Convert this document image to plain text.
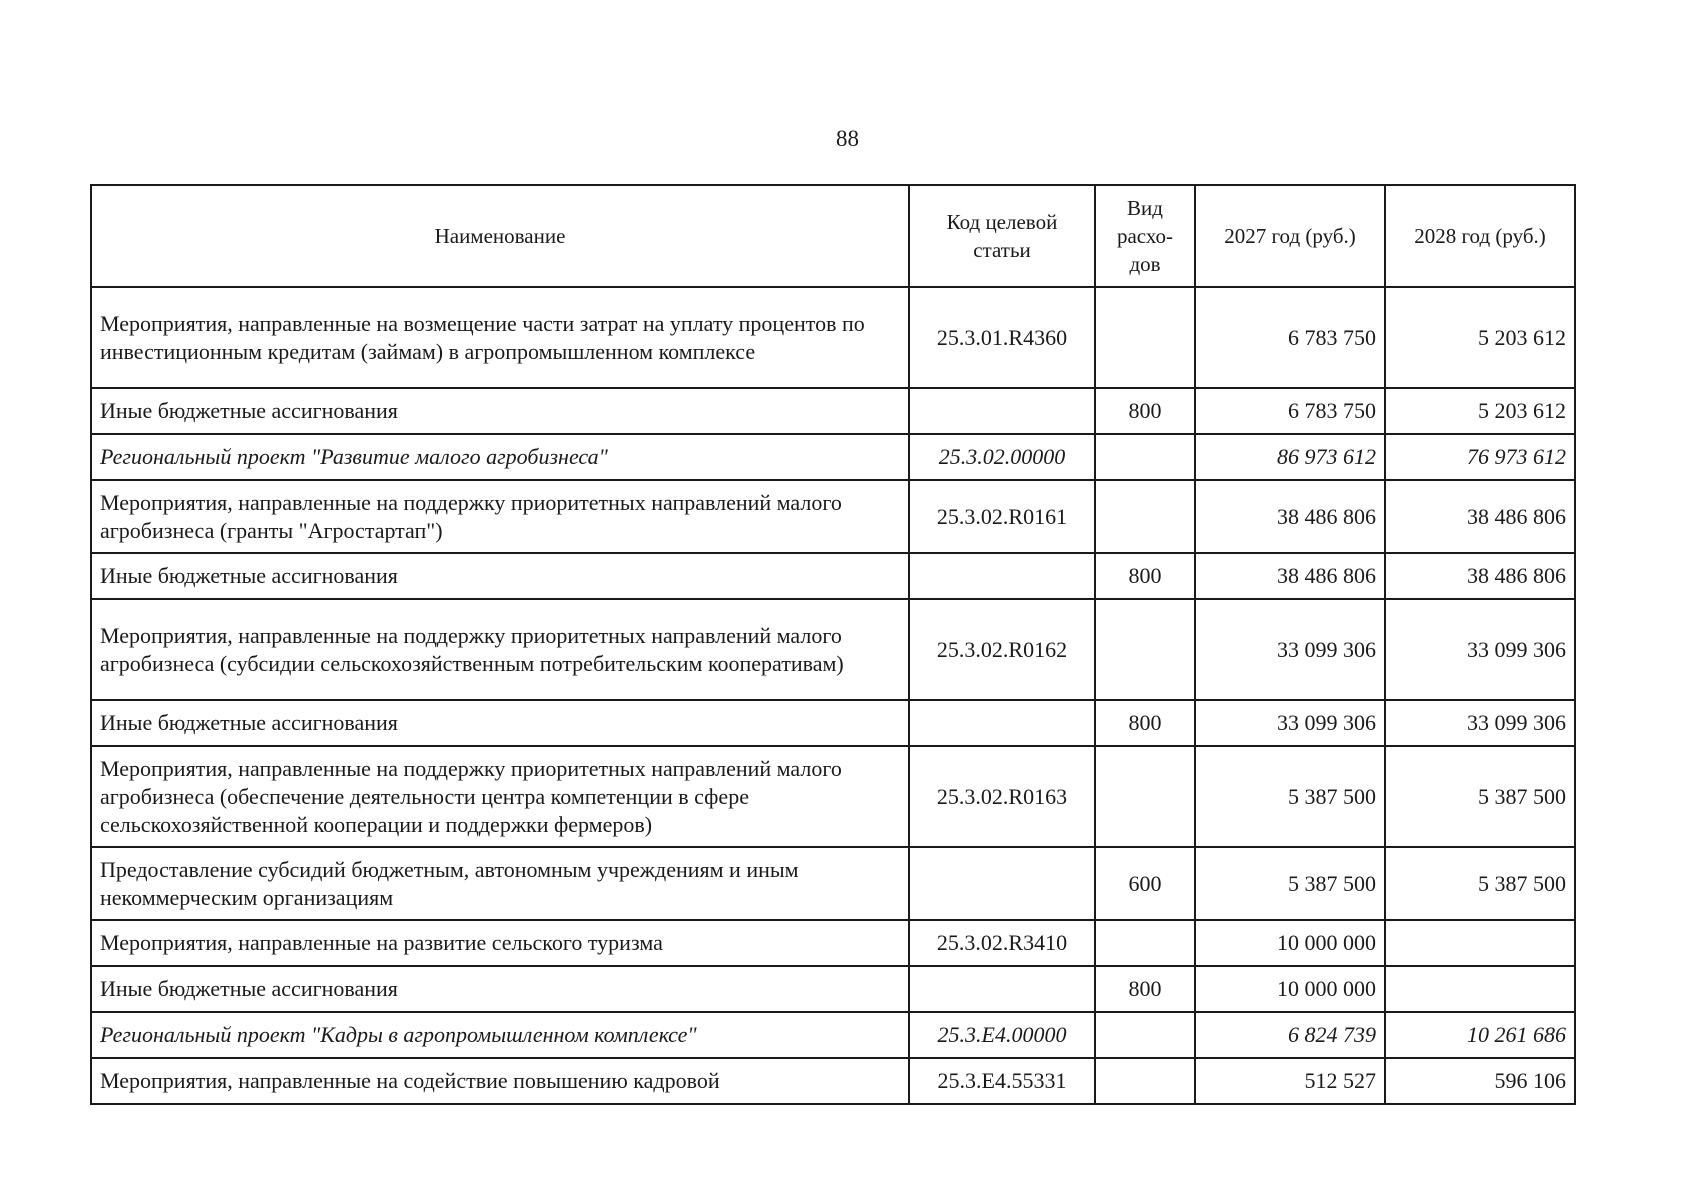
88
Наименование	Код целевой статьи	Вид расхо-дов	2027 год (руб.)	2028 год (руб.)
Мероприятия, направленные на возмещение части затрат на уплату процентов по инвестиционным кредитам (займам) в агропромышленном комплексе	25.3.01.R4360		6 783 750	5 203 612
Иные бюджетные ассигнования		800	6 783 750	5 203 612
Региональный проект "Развитие малого агробизнеса"	25.3.02.00000		86 973 612	76 973 612
Мероприятия, направленные на поддержку приоритетных направлений малого агробизнеса (гранты "Агростартап")	25.3.02.R0161		38 486 806	38 486 806
Иные бюджетные ассигнования		800	38 486 806	38 486 806
Мероприятия, направленные на поддержку приоритетных направлений малого агробизнеса (субсидии сельскохозяйственным потребительским кооперативам)	25.3.02.R0162		33 099 306	33 099 306
Иные бюджетные ассигнования		800	33 099 306	33 099 306
Мероприятия, направленные на поддержку приоритетных направлений малого агробизнеса (обеспечение деятельности центра компетенции в сфере сельскохозяйственной кооперации и поддержки фермеров)	25.3.02.R0163		5 387 500	5 387 500
Предоставление субсидий бюджетным, автономным учреждениям и иным некоммерческим организациям		600	5 387 500	5 387 500
Мероприятия, направленные на развитие сельского туризма	25.3.02.R3410		10 000 000	
Иные бюджетные ассигнования		800	10 000 000	
Региональный проект "Кадры в агропромышленном комплексе"	25.3.E4.00000		6 824 739	10 261 686
Мероприятия, направленные на содействие повышению кадровой	25.3.E4.55331		512 527	596 106
